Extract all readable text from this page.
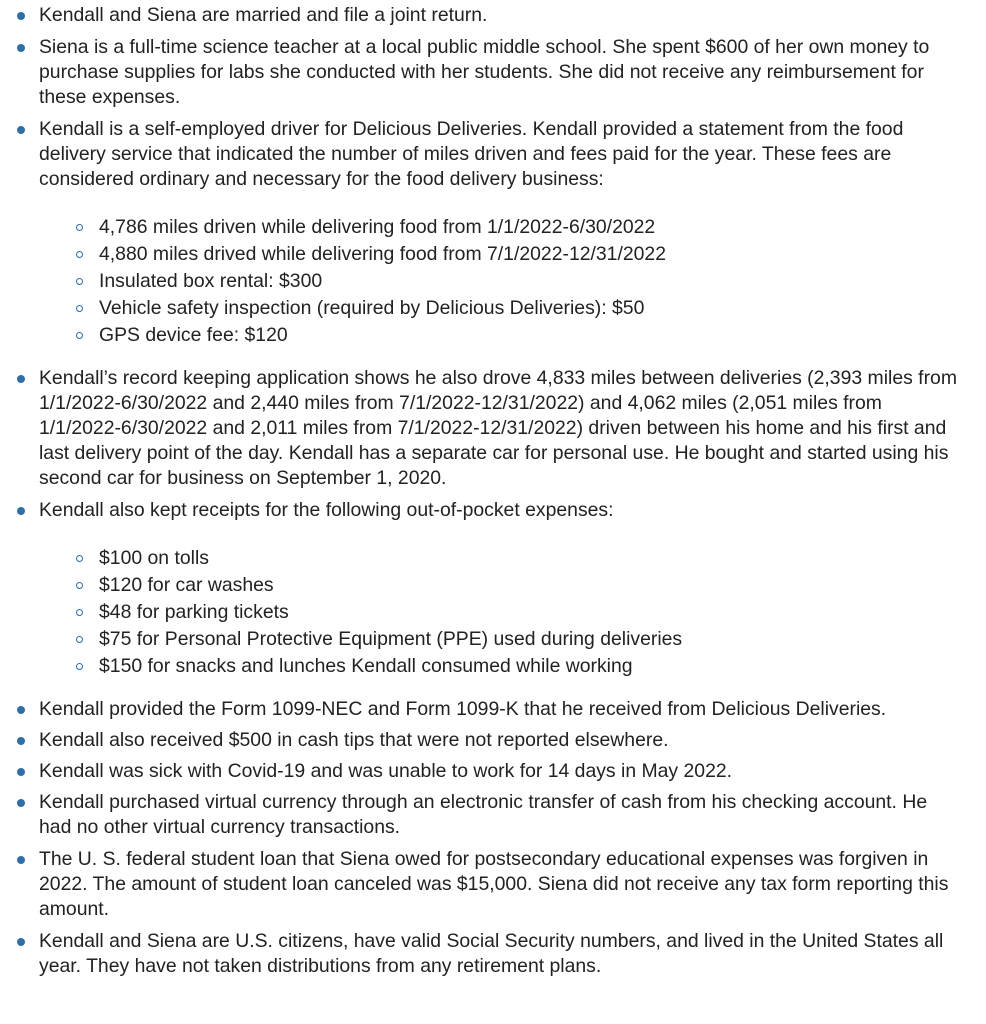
Kendall and Siena are married and file a joint return.
Siena is a full-time science teacher at a local public middle school. She spent $600 of her own money to purchase supplies for labs she conducted with her students. She did not receive any reimbursement for these expenses.
Kendall is a self-employed driver for Delicious Deliveries. Kendall provided a statement from the food delivery service that indicated the number of miles driven and fees paid for the year. These fees are considered ordinary and necessary for the food delivery business:
4,786 miles driven while delivering food from 1/1/2022-6/30/2022
4,880 miles drived while delivering food from 7/1/2022-12/31/2022
Insulated box rental: $300
Vehicle safety inspection (required by Delicious Deliveries): $50
GPS device fee: $120
Kendall’s record keeping application shows he also drove 4,833 miles between deliveries (2,393 miles from 1/1/2022-6/30/2022 and 2,440 miles from 7/1/2022-12/31/2022) and 4,062 miles (2,051 miles from 1/1/2022-6/30/2022 and 2,011 miles from 7/1/2022-12/31/2022) driven between his home and his first and last delivery point of the day. Kendall has a separate car for personal use. He bought and started using his second car for business on September 1, 2020.
Kendall also kept receipts for the following out-of-pocket expenses:
$100 on tolls
$120 for car washes
$48 for parking tickets
$75 for Personal Protective Equipment (PPE) used during deliveries
$150 for snacks and lunches Kendall consumed while working
Kendall provided the Form 1099-NEC and Form 1099-K that he received from Delicious Deliveries.
Kendall also received $500 in cash tips that were not reported elsewhere.
Kendall was sick with Covid-19 and was unable to work for 14 days in May 2022.
Kendall purchased virtual currency through an electronic transfer of cash from his checking account. He had no other virtual currency transactions.
The U. S. federal student loan that Siena owed for postsecondary educational expenses was forgiven in 2022. The amount of student loan canceled was $15,000. Siena did not receive any tax form reporting this amount.
Kendall and Siena are U.S. citizens, have valid Social Security numbers, and lived in the United States all year. They have not taken distributions from any retirement plans.
